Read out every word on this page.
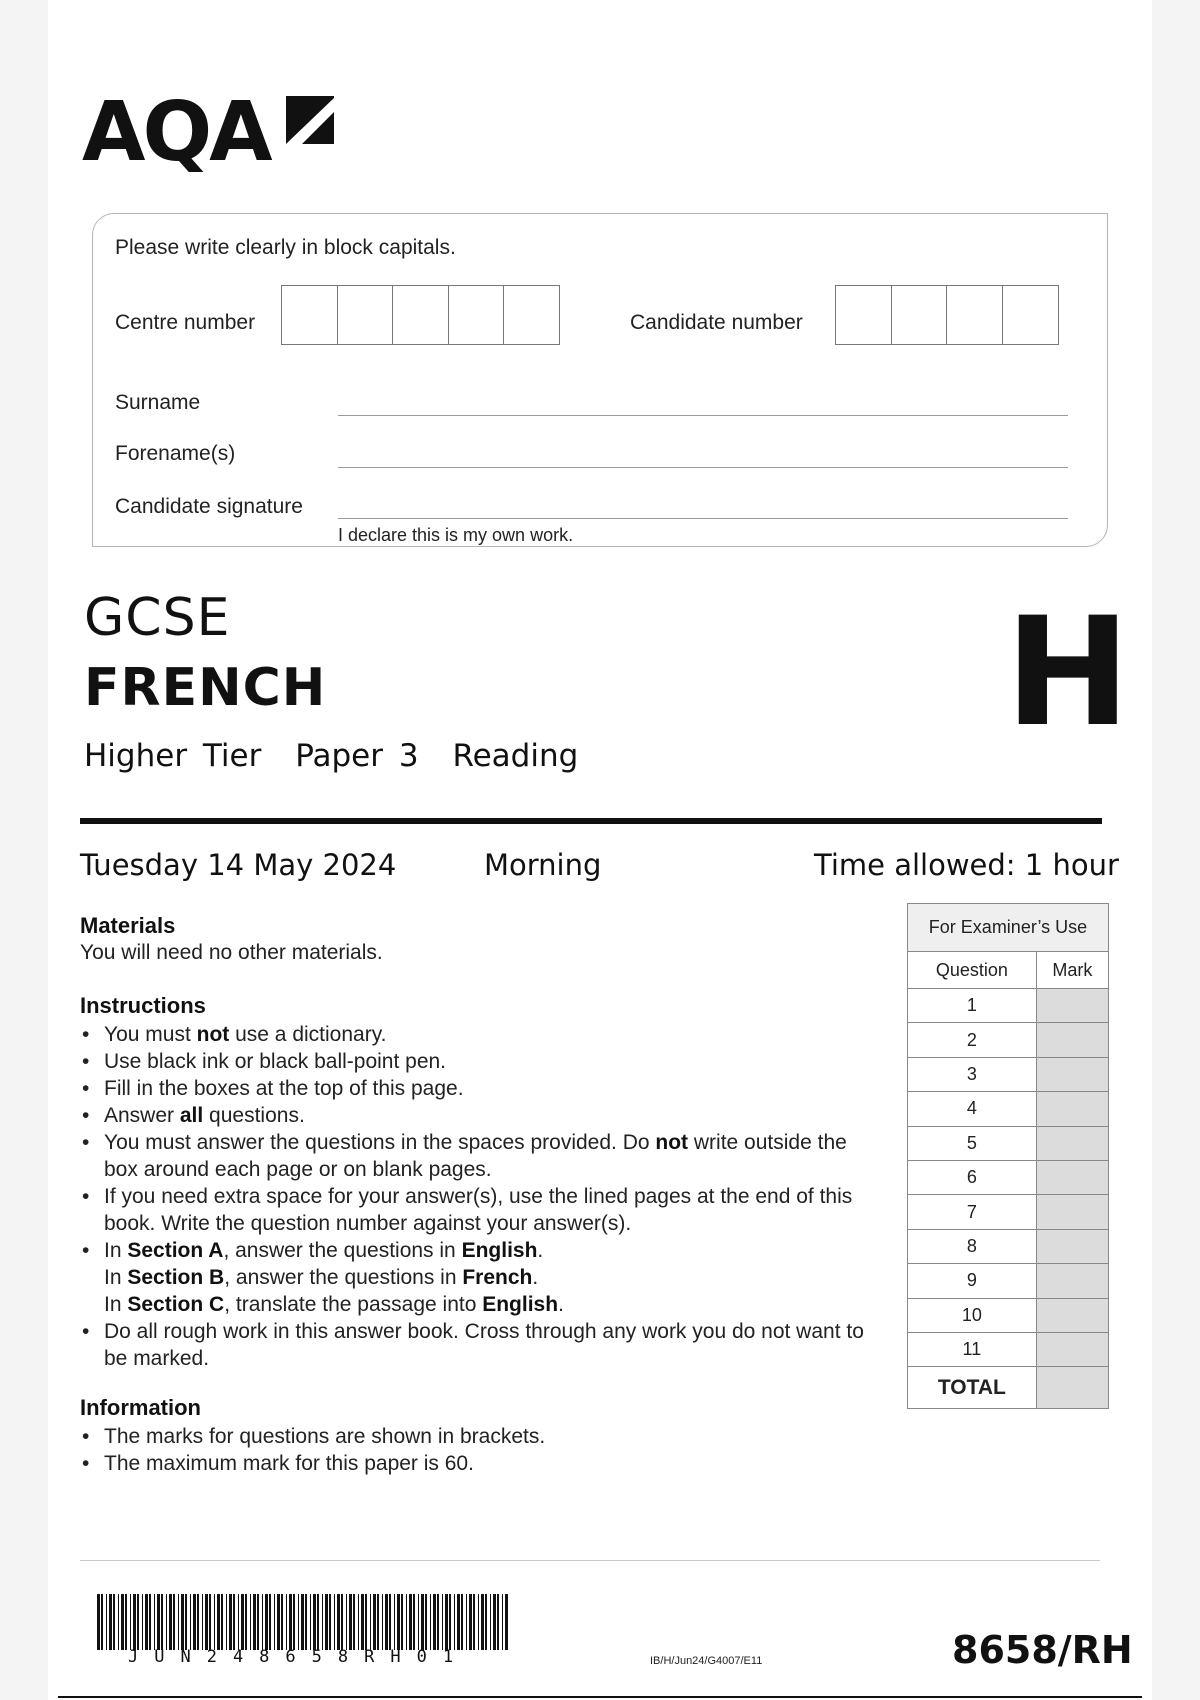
AQA
Please write clearly in block capitals.
Centre number	Candidate number
Surname
Forename(s)
Candidate signature
I declare this is my own work.
GCSE
FRENCH
Higher Tier Paper 3 Reading	H
Tuesday 14 May 2024	Morning	Time allowed: 1 hour
Materials
You will need no other materials.
Instructions
• You must not use a dictionary.
• Use black ink or black ball-point pen.
• Fill in the boxes at the top of this page.
• Answer all questions.
• You must answer the questions in the spaces provided. Do not write outside the box around each page or on blank pages.
• If you need extra space for your answer(s), use the lined pages at the end of this book. Write the question number against your answer(s).
• In Section A, answer the questions in English.
In Section B, answer the questions in French.
In Section C, translate the passage into English.
• Do all rough work in this answer book. Cross through any work you do not want to be marked.
Information
• The marks for questions are shown in brackets.
• The maximum mark for this paper is 60.
For Examiner’s Use	
Question	Mark
1	
2	
3	
4	
5	
6	
7	
8	
9	
10	
11	
TOTAL	
JUN248658RH01	IB/H/Jun24/G4007/E11	8658/RH
